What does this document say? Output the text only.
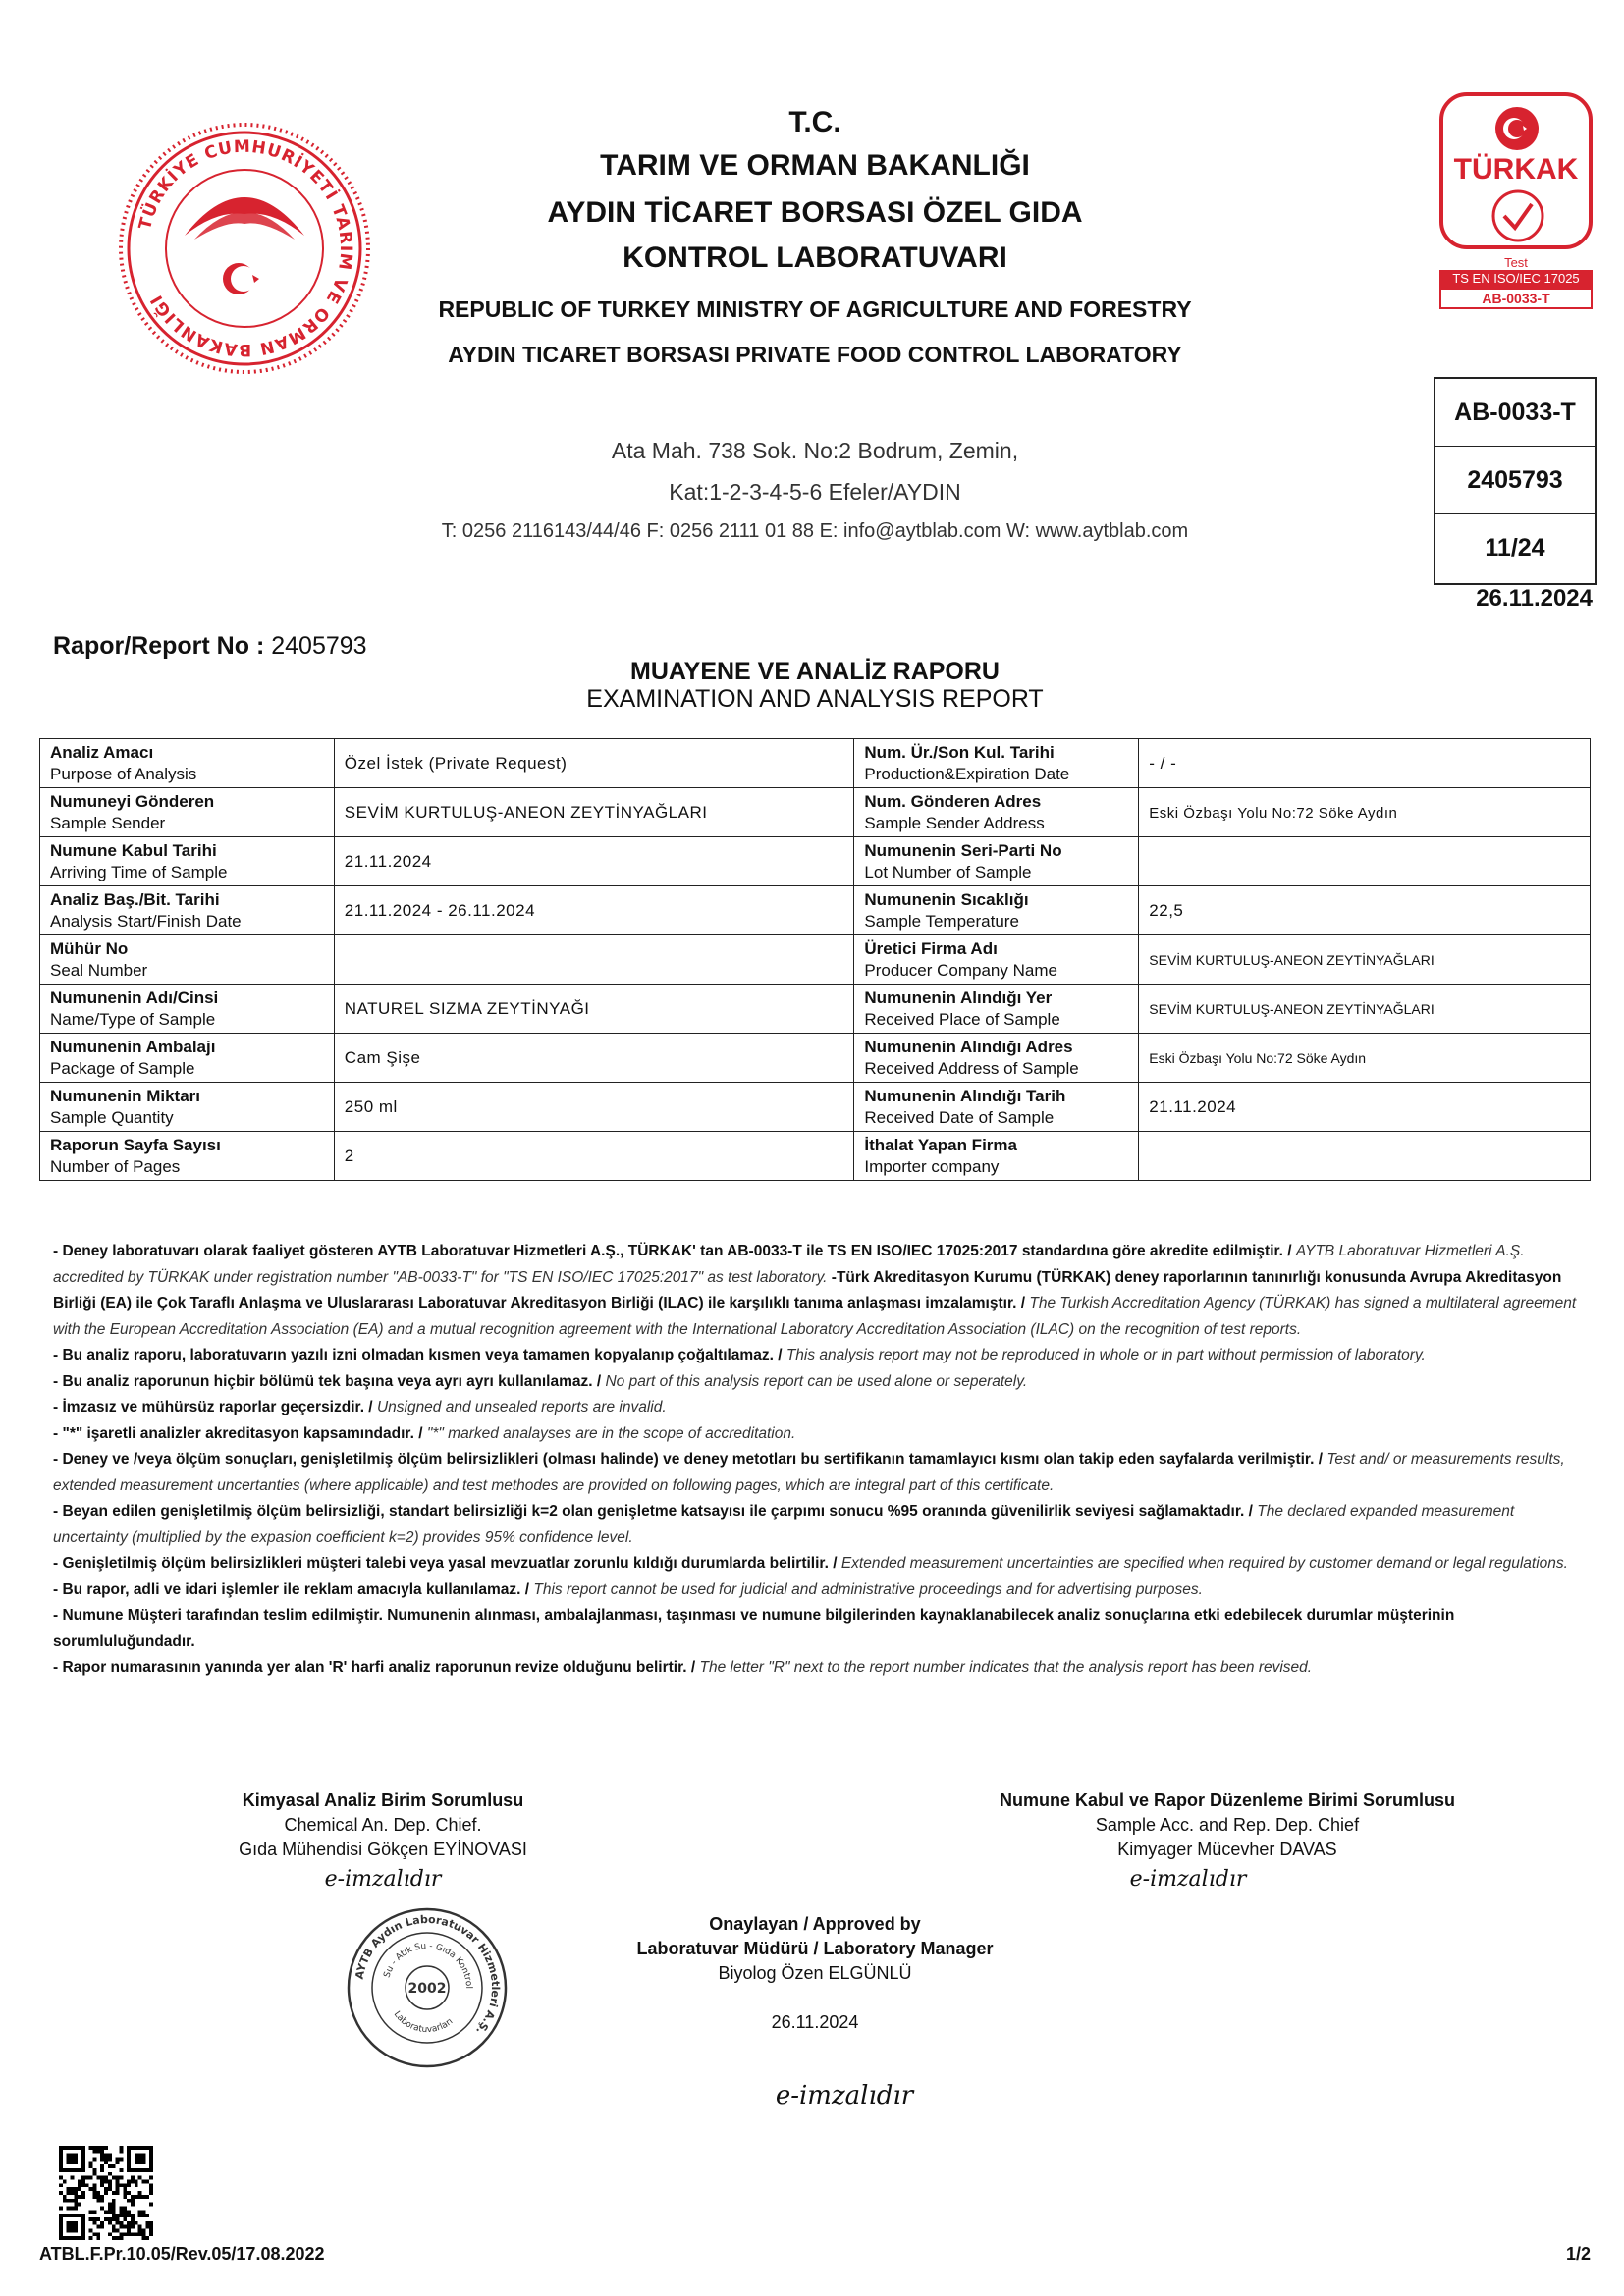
TÜRKİYE CUMHURİYETİ TARIM VE ORMAN BAKANLIĞI
T.C.
TARIM VE ORMAN BAKANLIĞI
AYDIN TİCARET BORSASI ÖZEL GIDA
KONTROL LABORATUVARI
REPUBLIC OF TURKEY MINISTRY OF AGRICULTURE AND FORESTRY
AYDIN TICARET BORSASI PRIVATE FOOD CONTROL LABORATORY
Ata Mah. 738 Sok. No:2 Bodrum, Zemin,
Kat:1-2-3-4-5-6 Efeler/AYDIN
T: 0256 2116143/44/46 F: 0256 2111 01 88 E: info@aytblab.com W: www.aytblab.com
TÜRKAK
Test
TS EN ISO/IEC 17025
AB-0033-T
AB-0033-T
2405793
11/24
26.11.2024
Rapor/Report No : 2405793
MUAYENE VE ANALİZ RAPORU
EXAMINATION AND ANALYSIS REPORT
Analiz Amacı
Purpose of Analysis	Özel İstek (Private Request)	Num. Ür./Son Kul. Tarihi
Production&Expiration Date	- / -

Numuneyi Gönderen
Sample Sender	SEVİM KURTULUŞ-ANEON ZEYTİNYAĞLARI	Num. Gönderen Adres
Sample Sender Address	Eski Özbaşı Yolu No:72 Söke Aydın

Numune Kabul Tarihi
Arriving Time of Sample	21.11.2024	Numunenin Seri-Parti No
Lot Number of Sample	

Analiz Baş./Bit. Tarihi
Analysis Start/Finish Date	21.11.2024 - 26.11.2024	Numunenin Sıcaklığı
Sample Temperature	22,5

Mühür No
Seal Number		Üretici Firma Adı
Producer Company Name	SEVİM KURTULUŞ-ANEON ZEYTİNYAĞLARI

Numunenin Adı/Cinsi
Name/Type of Sample	NATUREL SIZMA ZEYTİNYAĞI	Numunenin Alındığı Yer
Received Place of Sample	SEVİM KURTULUŞ-ANEON ZEYTİNYAĞLARI

Numunenin Ambalajı
Package of Sample	Cam Şişe	Numunenin Alındığı Adres
Received Address of Sample	Eski Özbaşı Yolu No:72 Söke Aydın

Numunenin Miktarı
Sample Quantity	250 ml	Numunenin Alındığı Tarih
Received Date of Sample	21.11.2024

Raporun Sayfa Sayısı
Number of Pages	2	İthalat Yapan Firma
Importer company	

- Deney laboratuvarı olarak faaliyet gösteren AYTB Laboratuvar Hizmetleri A.Ş., TÜRKAK' tan AB-0033-T ile TS EN ISO/IEC 17025:2017 standardına göre akredite edilmiştir. / AYTB Laboratuvar Hizmetleri A.Ş. accredited by TÜRKAK under registration number "AB-0033-T" for "TS EN ISO/IEC 17025:2017" as test laboratory. -Türk Akreditasyon Kurumu (TÜRKAK) deney raporlarının tanınırlığı konusunda Avrupa Akreditasyon Birliği (EA) ile Çok Taraflı Anlaşma ve Uluslararası Laboratuvar Akreditasyon Birliği (ILAC) ile karşılıklı tanıma anlaşması imzalamıştır. / The Turkish Accreditation Agency (TÜRKAK) has signed a multilateral agreement with the European Accreditation Association (EA) and a mutual recognition agreement with the International Laboratory Accreditation Association (ILAC) on the recognition of test reports.

- Bu analiz raporu, laboratuvarın yazılı izni olmadan kısmen veya tamamen kopyalanıp çoğaltılamaz. / This analysis report may not be reproduced in whole or in part without permission of laboratory.

- Bu analiz raporunun hiçbir bölümü tek başına veya ayrı ayrı kullanılamaz. / No part of this analysis report can be used alone or seperately.

- İmzasız ve mühürsüz raporlar geçersizdir. / Unsigned and unsealed reports are invalid.

- "*" işaretli analizler akreditasyon kapsamındadır. / "*" marked analayses are in the scope of accreditation.

- Deney ve /veya ölçüm sonuçları, genişletilmiş ölçüm belirsizlikleri (olması halinde) ve deney metotları bu sertifikanın tamamlayıcı kısmı olan takip eden sayfalarda verilmiştir. / Test and/ or measurements results, extended measurement uncertanties (where applicable) and test methodes are provided on following pages, which are integral part of this certificate.

- Beyan edilen genişletilmiş ölçüm belirsizliği, standart belirsizliği k=2 olan genişletme katsayısı ile çarpımı sonucu %95 oranında güvenilirlik seviyesi sağlamaktadır. / The declared expanded measurement uncertainty (multiplied by the expasion coefficient k=2) provides 95% confidence level.

- Genişletilmiş ölçüm belirsizlikleri müşteri talebi veya yasal mevzuatlar zorunlu kıldığı durumlarda belirtilir. / Extended measurement uncertainties are specified when required by customer demand or legal regulations.

- Bu rapor, adli ve idari işlemler ile reklam amacıyla kullanılamaz. / This report cannot be used for judicial and administrative proceedings and for advertising purposes.

- Numune Müşteri tarafından teslim edilmiştir. Numunenin alınması, ambalajlanması, taşınması ve numune bilgilerinden kaynaklanabilecek analiz sonuçlarına etki edebilecek durumlar müşterinin sorumluluğundadır.

- Rapor numarasının yanında yer alan 'R' harfi analiz raporunun revize olduğunu belirtir. / The letter "R" next to the report number indicates that the analysis report has been revised.

Kimyasal Analiz Birim Sorumlusu
Chemical An. Dep. Chief.
Gıda Mühendisi Gökçen EYİNOVASI
e-imzalıdır
Numune Kabul ve Rapor Düzenleme Birimi Sorumlusu
Sample Acc. and Rep. Dep. Chief
Kimyager Mücevher DAVAS
e-imzalıdır
AYTB Aydın Laboratuvar Hizmetleri A.Ş.
Su - Atık Su - Gıda Kontrol
Laboratuvarları
2002
Onaylayan / Approved by
Laboratuvar Müdürü / Laboratory Manager
Biyolog Özen ELGÜNLÜ
26.11.2024
e-imzalıdır
ATBL.F.Pr.10.05/Rev.05/17.08.2022	1/2
